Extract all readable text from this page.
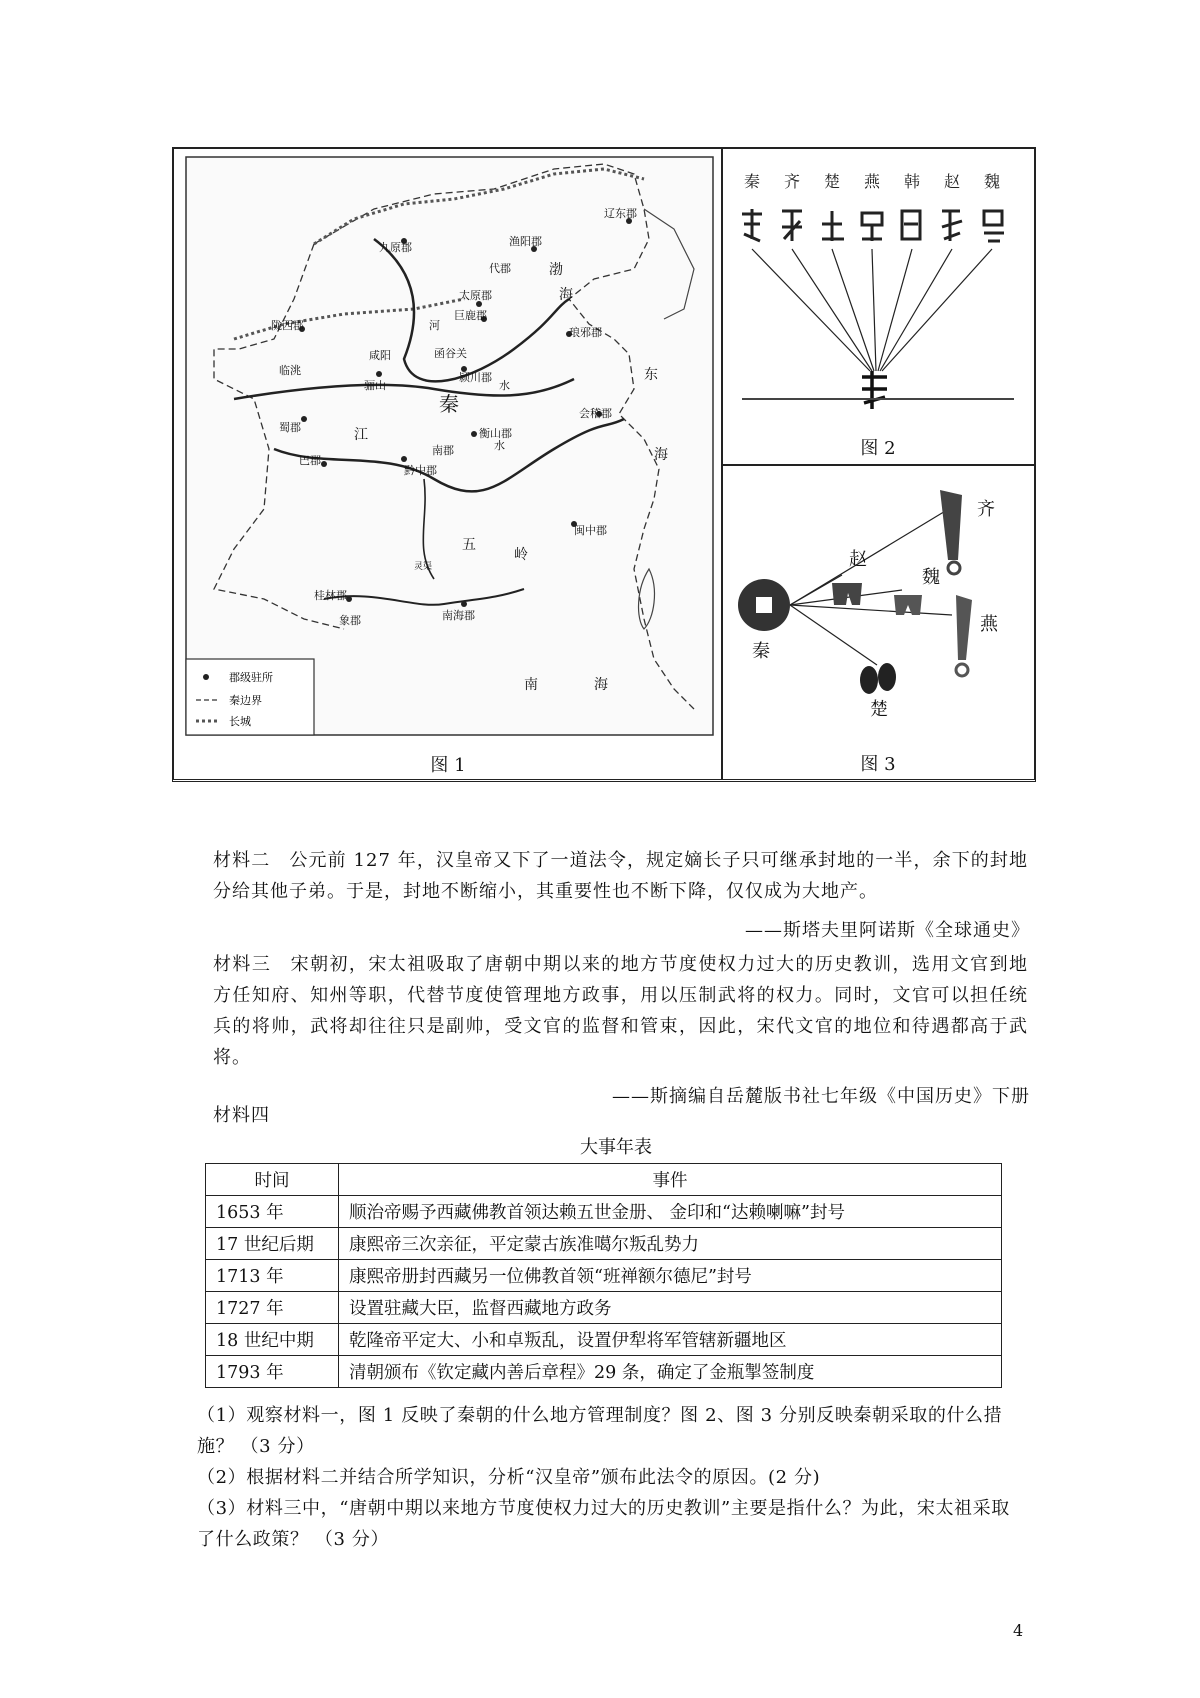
辽东郡
渔阳郡
九原郡
代郡
太原郡
巨鹿郡
琅邪郡
陇西郡
临洮
咸阳
骊山
函谷关
颍川郡
秦
蜀郡
巴郡
衡山郡
会稽郡
南郡
黔中郡
闽中郡
桂林郡
象郡	南海郡
五
岭
渤
海
东
海
南	海
江
水
水
河
灵渠
郡级驻所
秦边界
长城
图 1
秦 齐 楚 燕 韩 赵 魏
图 2
齐
赵
魏
燕
秦
楚
图 3
材料二　公元前 127 年，汉皇帝又下了一道法令，规定嫡长子只可继承封地的一半，余下的封地分给其他子弟。于是，封地不断缩小，其重要性也不断下降，仅仅成为大地产。
——斯塔夫里阿诺斯《全球通史》
材料三　宋朝初，宋太祖吸取了唐朝中期以来的地方节度使权力过大的历史教训，选用文官到地方任知府、知州等职，代替节度使管理地方政事，用以压制武将的权力。同时，文官可以担任统兵的将帅，武将却往往只是副帅，受文官的监督和管束，因此，宋代文官的地位和待遇都高于武将。
——斯摘编自岳麓版书社七年级《中国历史》下册
材料四
大事年表
时间	事件
1653 年	顺治帝赐予西藏佛教首领达赖五世金册、 金印和“达赖喇嘛”封号
17 世纪后期	康熙帝三次亲征，平定蒙古族准噶尔叛乱势力
1713 年	康熙帝册封西藏另一位佛教首领“班禅额尔德尼”封号
1727 年	设置驻藏大臣，监督西藏地方政务
18 世纪中期	乾隆帝平定大、小和卓叛乱，设置伊犁将军管辖新疆地区
1793 年	清朝颁布《钦定藏内善后章程》29 条，确定了金瓶掣签制度
（1）观察材料一，图 1 反映了秦朝的什么地方管理制度？图 2、图 3 分别反映秦朝采取的什么措施？ （3 分）
（2）根据材料二并结合所学知识，分析“汉皇帝”颁布此法令的原因。(2 分)
（3）材料三中，“唐朝中期以来地方节度使权力过大的历史教训”主要是指什么？为此，宋太祖采取了什么政策？ （3 分）
4
